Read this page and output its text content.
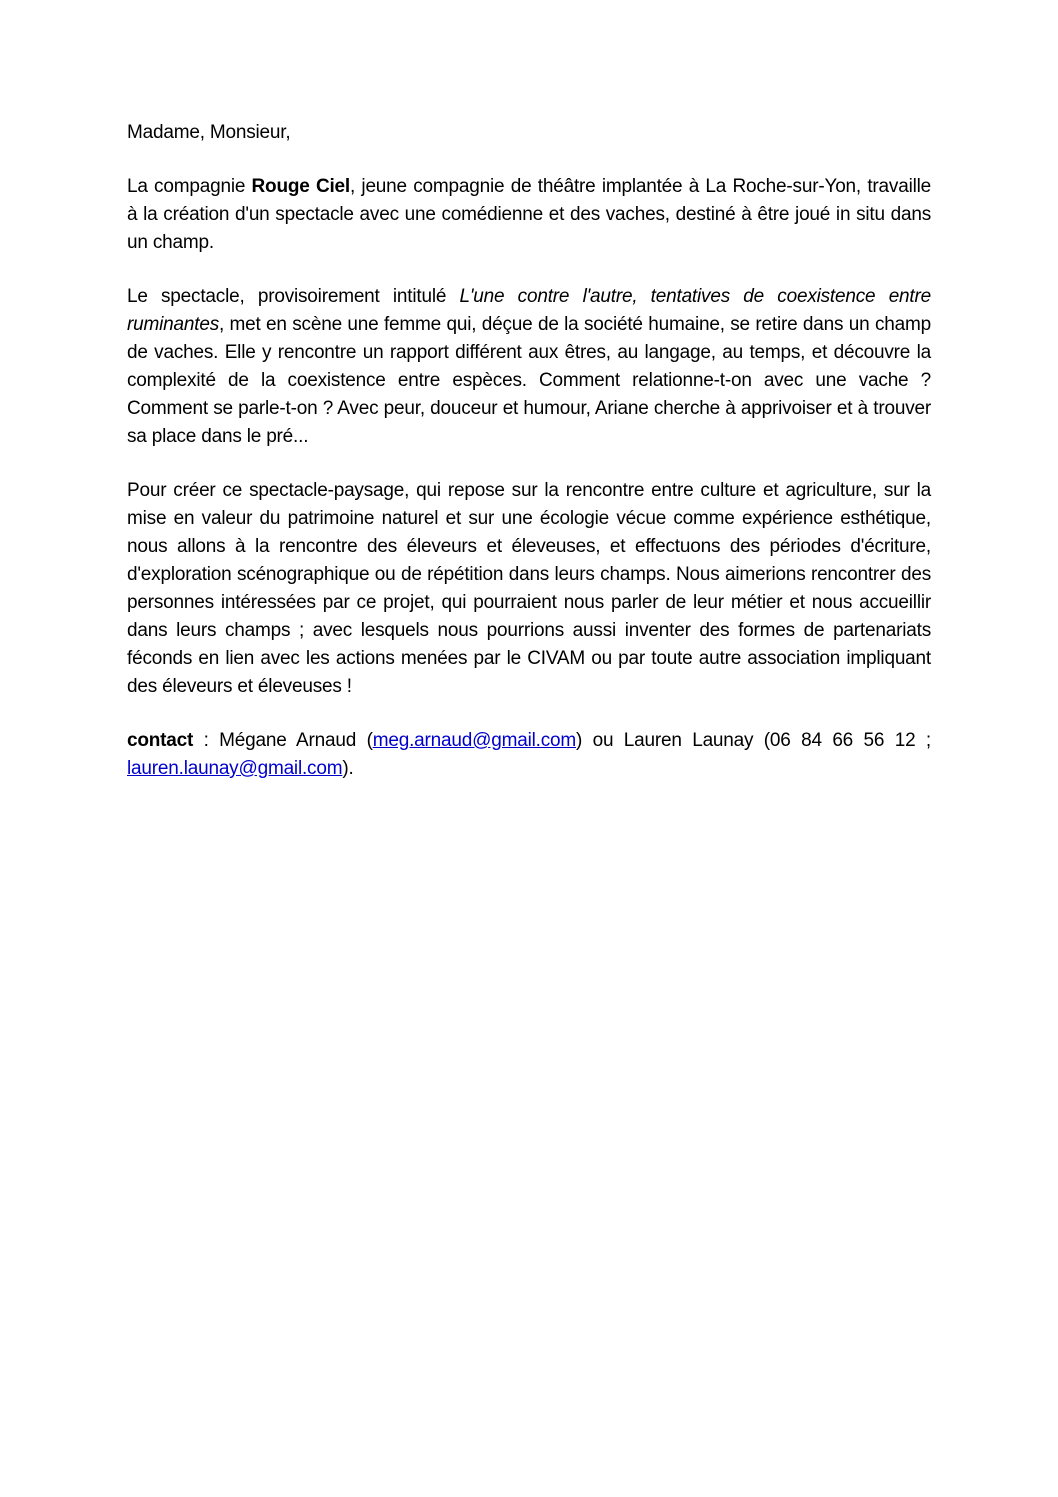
Madame, Monsieur,

La compagnie Rouge Ciel, jeune compagnie de théâtre implantée à La Roche-sur-Yon, travaille à la création d'un spectacle avec une comédienne et des vaches, destiné à être joué in situ dans un champ.

Le spectacle, provisoirement intitulé L'une contre l'autre, tentatives de coexistence entre ruminantes, met en scène une femme qui, déçue de la société humaine, se retire dans un champ de vaches. Elle y rencontre un rapport différent aux êtres, au langage, au temps, et découvre la complexité de la coexistence entre espèces. Comment relationne-t-on avec une vache ? Comment se parle-t-on ? Avec peur, douceur et humour, Ariane cherche à apprivoiser et à trouver sa place dans le pré...

Pour créer ce spectacle-paysage, qui repose sur la rencontre entre culture et agriculture, sur la mise en valeur du patrimoine naturel et sur une écologie vécue comme expérience esthétique, nous allons à la rencontre des éleveurs et éleveuses, et effectuons des périodes d'écriture, d'exploration scénographique ou de répétition dans leurs champs. Nous aimerions rencontrer des personnes intéressées par ce projet, qui pourraient nous parler de leur métier et nous accueillir dans leurs champs ; avec lesquels nous pourrions aussi inventer des formes de partenariats féconds en lien avec les actions menées par le CIVAM ou par toute autre association impliquant des éleveurs et éleveuses !

contact : Mégane Arnaud (meg.arnaud@gmail.com) ou Lauren Launay (06 84 66 56 12 ; lauren.launay@gmail.com).
